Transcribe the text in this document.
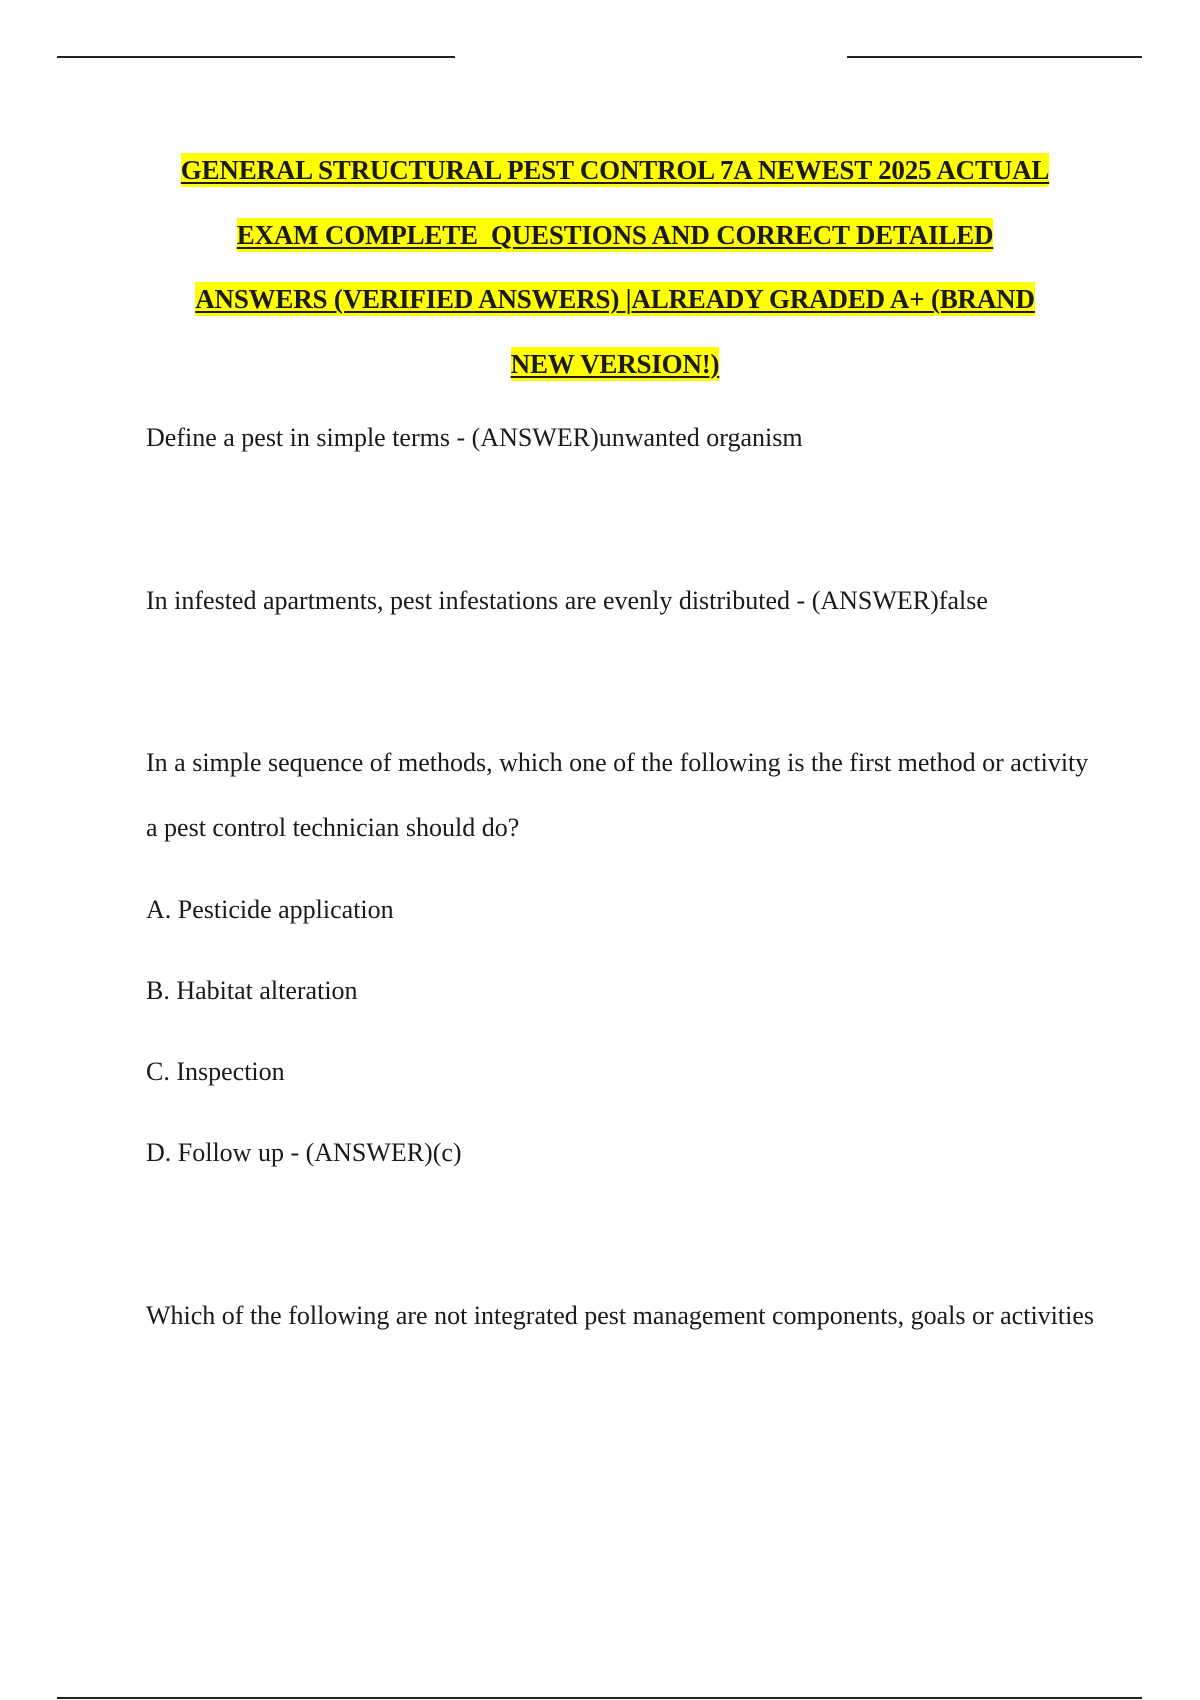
GENERAL STRUCTURAL PEST CONTROL 7A NEWEST 2025 ACTUAL
EXAM COMPLETE  QUESTIONS AND CORRECT DETAILED
ANSWERS (VERIFIED ANSWERS) |ALREADY GRADED A+ (BRAND
NEW VERSION!)
Define a pest in simple terms - (ANSWER)unwanted organism
In infested apartments, pest infestations are evenly distributed - (ANSWER)false
In a simple sequence of methods, which one of the following is the first method or activity a pest control technician should do?
A. Pesticide application
B. Habitat alteration
C. Inspection
D. Follow up - (ANSWER)(c)
Which of the following are not integrated pest management components, goals or activities
